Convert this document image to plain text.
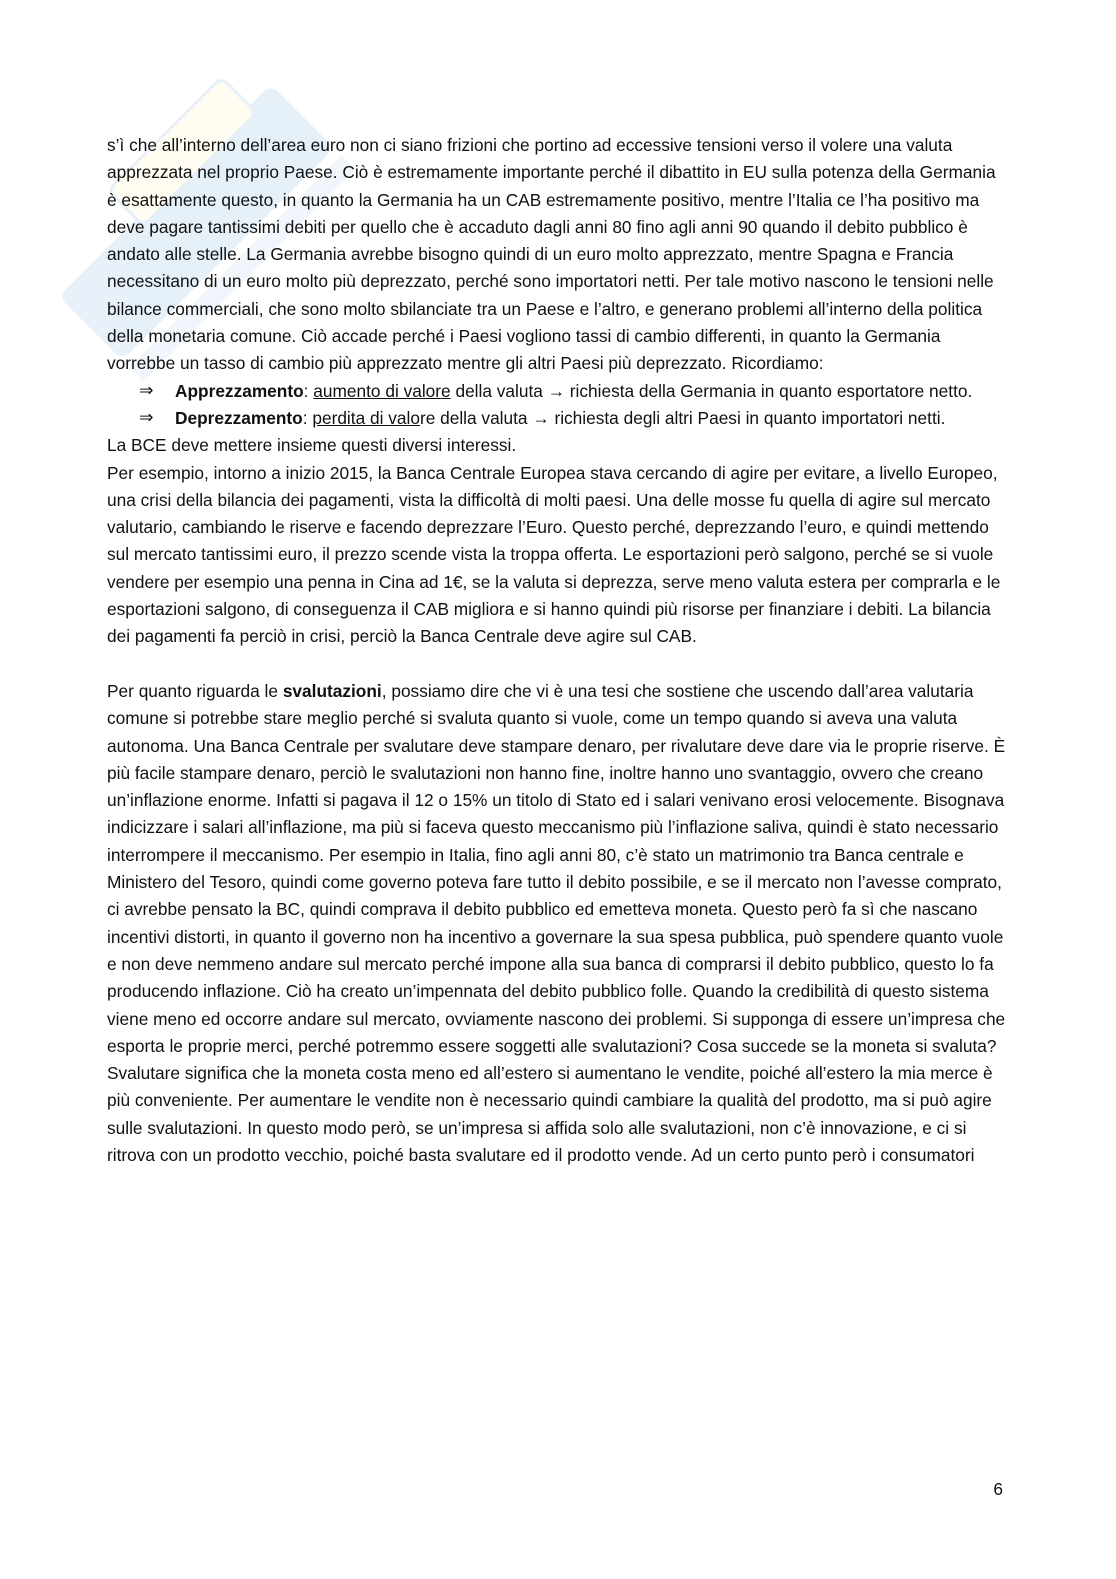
s’ì che all’interno dell’area euro non ci siano frizioni che portino ad eccessive tensioni verso il volere una valuta apprezzata nel proprio Paese. Ciò è estremamente importante perché il dibattito in EU sulla potenza della Germania è esattamente questo, in quanto la Germania ha un CAB estremamente positivo, mentre l’Italia ce l’ha positivo ma deve pagare tantissimi debiti per quello che è accaduto dagli anni 80 fino agli anni 90 quando il debito pubblico è andato alle stelle. La Germania avrebbe bisogno quindi di un euro molto apprezzato, mentre Spagna e Francia necessitano di un euro molto più deprezzato, perché sono importatori netti. Per tale motivo nascono le tensioni nelle bilance commerciali, che sono molto sbilanciate tra un Paese e l’altro, e generano problemi all’interno della politica della monetaria comune. Ciò accade perché i Paesi vogliono tassi di cambio differenti, in quanto la Germania vorrebbe un tasso di cambio più apprezzato mentre gli altri Paesi più deprezzato. Ricordiamo:

⇒	Apprezzamento: aumento di valore della valuta → richiesta della Germania in quanto esportatore netto.
⇒	Deprezzamento: perdita di valore della valuta → richiesta degli altri Paesi in quanto importatori netti.

La BCE deve mettere insieme questi diversi interessi.

Per esempio, intorno a inizio 2015, la Banca Centrale Europea stava cercando di agire per evitare, a livello Europeo, una crisi della bilancia dei pagamenti, vista la difficoltà di molti paesi. Una delle mosse fu quella di agire sul mercato valutario, cambiando le riserve e facendo deprezzare l’Euro. Questo perché, deprezzando l’euro, e quindi mettendo sul mercato tantissimi euro, il prezzo scende vista la troppa offerta. Le esportazioni però salgono, perché se si vuole vendere per esempio una penna in Cina ad 1€, se la valuta si deprezza, serve meno valuta estera per comprarla e le esportazioni salgono, di conseguenza il CAB migliora e si hanno quindi più risorse per finanziare i debiti. La bilancia dei pagamenti fa perciò in crisi, perciò la Banca Centrale deve agire sul CAB.

Per quanto riguarda le svalutazioni, possiamo dire che vi è una tesi che sostiene che uscendo dall’area valutaria comune si potrebbe stare meglio perché si svaluta quanto si vuole, come un tempo quando si aveva una valuta autonoma. Una Banca Centrale per svalutare deve stampare denaro, per rivalutare deve dare via le proprie riserve. È più facile stampare denaro, perciò le svalutazioni non hanno fine, inoltre hanno uno svantaggio, ovvero che creano un’inflazione enorme. Infatti si pagava il 12 o 15% un titolo di Stato ed i salari venivano erosi velocemente. Bisognava indicizzare i salari all’inflazione, ma più si faceva questo meccanismo più l’inflazione saliva, quindi è stato necessario interrompere il meccanismo. Per esempio in Italia, fino agli anni 80, c’è stato un matrimonio tra Banca centrale e Ministero del Tesoro, quindi come governo poteva fare tutto il debito possibile, e se il mercato non l’avesse comprato, ci avrebbe pensato la BC, quindi comprava il debito pubblico ed emetteva moneta. Questo però fa sì che nascano incentivi distorti, in quanto il governo non ha incentivo a governare la sua spesa pubblica, può spendere quanto vuole e non deve nemmeno andare sul mercato perché impone alla sua banca di comprarsi il debito pubblico, questo lo fa producendo inflazione. Ciò ha creato un’impennata del debito pubblico folle. Quando la credibilità di questo sistema viene meno ed occorre andare sul mercato, ovviamente nascono dei problemi. Si supponga di essere un’impresa che esporta le proprie merci, perché potremmo essere soggetti alle svalutazioni? Cosa succede se la moneta si svaluta? Svalutare significa che la moneta costa meno ed all’estero si aumentano le vendite, poiché all’estero la mia merce è più conveniente. Per aumentare le vendite non è necessario quindi cambiare la qualità del prodotto, ma si può agire sulle svalutazioni. In questo modo però, se un’impresa si affida solo alle svalutazioni, non c’è innovazione, e ci si ritrova con un prodotto vecchio, poiché basta svalutare ed il prodotto vende. Ad un certo punto però i consumatori

6
